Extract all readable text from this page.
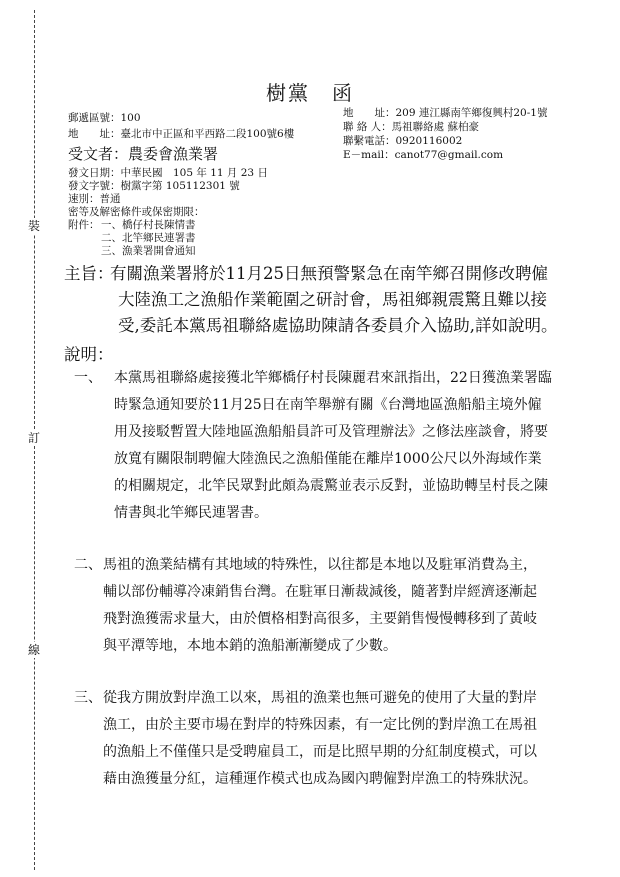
裝
訂
線
樹黨　函
郵遞區號：100
地　　址：臺北市中正區和平西路二段100號6樓
受文者：農委會漁業署
地　　址：209 連江縣南竿鄉復興村20-1號
聯 絡 人：馬祖聯絡處 蘇柏豪
聯繫電話：0920116002
E－mail：canot77@gmail.com
發文日期：中華民國　105 年 11 月 23 日
發文字號：樹黨字第 105112301 號
速別：普通
密等及解密條件或保密期限：
附件： 一、橋仔村長陳情書
二、北竿鄉民連署書
三、漁業署開會通知
主旨：
有關漁業署將於11月25日無預警緊急在南竿鄉召開修改聘僱
大陸漁工之漁船作業範圍之研討會，馬祖鄉親震驚且難以接
受,委託本黨馬祖聯絡處協助陳請各委員介入協助,詳如說明。
說明：
一、 本黨馬祖聯絡處接獲北竿鄉橋仔村長陳麗君來訊指出，22日獲漁業署臨
時緊急通知要於11月25日在南竿舉辦有關《台灣地區漁船船主境外僱
用及接駁暫置大陸地區漁船船員許可及管理辦法》之修法座談會，將要
放寬有關限制聘僱大陸漁民之漁船僅能在離岸1000公尺以外海域作業
的相關規定，北竿民眾對此頗為震驚並表示反對，並協助轉呈村長之陳
情書與北竿鄉民連署書。
二、 馬祖的漁業結構有其地域的特殊性，以往都是本地以及駐軍消費為主，
輔以部份輔導冷凍銷售台灣。在駐軍日漸裁減後，隨著對岸經濟逐漸起
飛對漁獲需求量大，由於價格相對高很多，主要銷售慢慢轉移到了黃岐
與平潭等地，本地本銷的漁船漸漸變成了少數。
三、 從我方開放對岸漁工以來，馬祖的漁業也無可避免的使用了大量的對岸
漁工，由於主要市場在對岸的特殊因素，有一定比例的對岸漁工在馬祖
的漁船上不僅僅只是受聘雇員工，而是比照早期的分紅制度模式，可以
藉由漁獲量分紅，這種運作模式也成為國內聘僱對岸漁工的特殊狀況。
